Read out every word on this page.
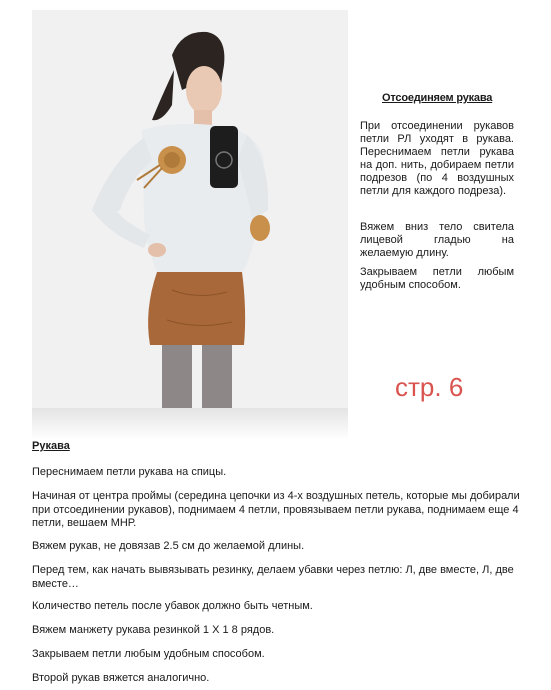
Отсоединяем рукава
При отсоединении рукавов петли РЛ уходят в рукава. Переснимаем петли рукава на доп. нить, добираем петли подрезов (по 4 воздушных петли для каждого подреза).
Вяжем вниз тело свитела лицевой гладью на желаемую длину.
Закрываем петли любым удобным способом.
стр. 6
Рукава
Переснимаем петли рукава на спицы.
Начиная от центра проймы (середина цепочки из 4-х воздушных петель, которые мы добирали при отсоединении рукавов), поднимаем 4 петли, провязываем петли рукава, поднимаем еще 4 петли, вешаем МНР.
Вяжем рукав, не довязав 2.5 см до желаемой длины.
Перед тем, как начать вывязывать резинку, делаем убавки через петлю: Л, две вместе, Л, две вместе…
Количество петель после убавок должно быть четным.
Вяжем манжету рукава резинкой 1 Х 1 8 рядов.
Закрываем петли любым удобным способом.
Второй рукав вяжется аналогично.
